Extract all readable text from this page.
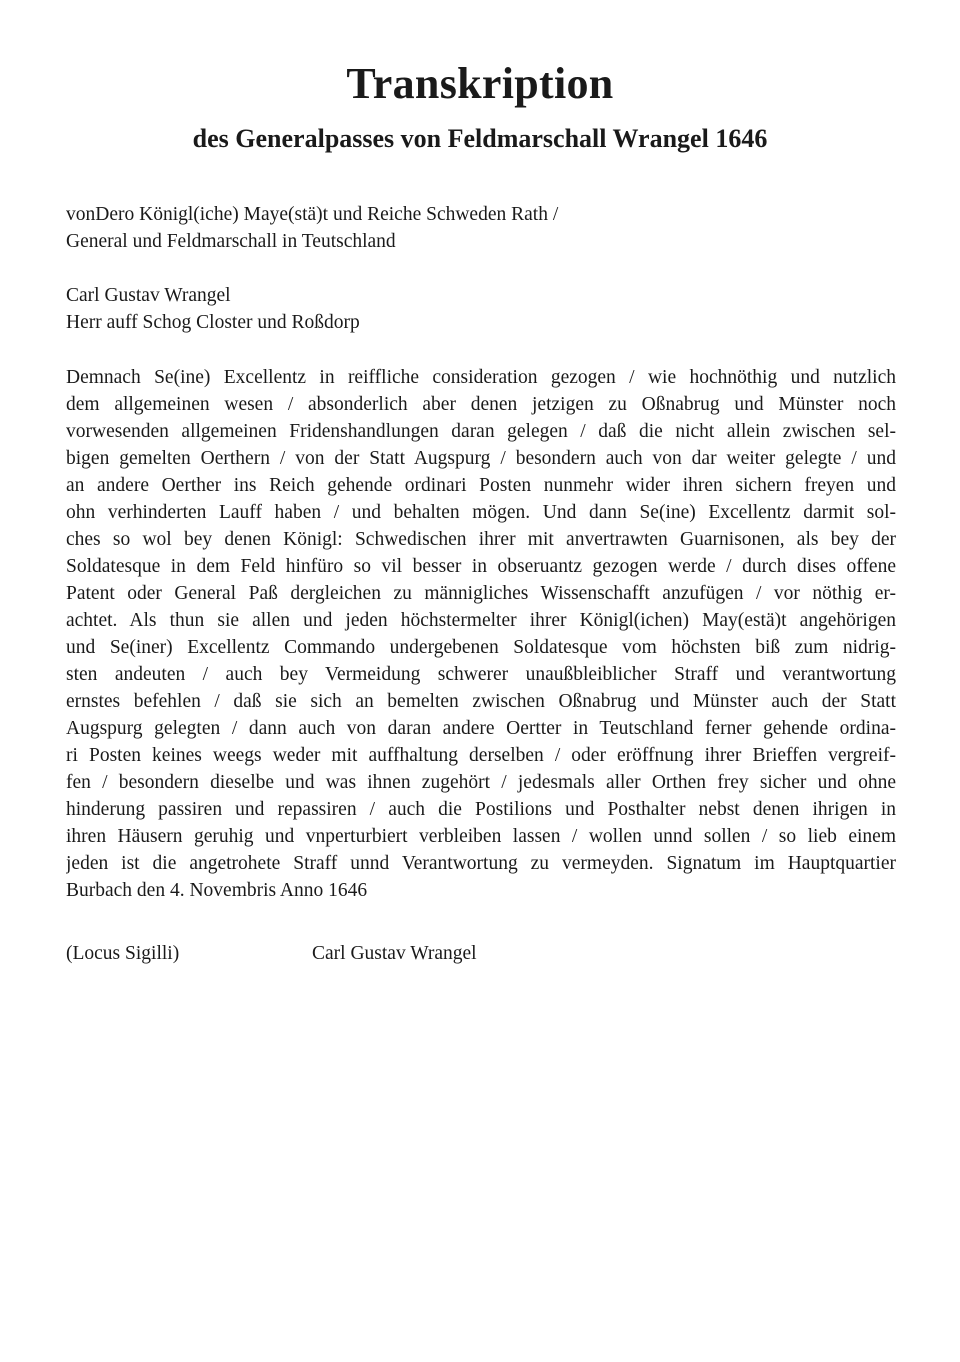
Transkription
des Generalpasses von Feldmarschall Wrangel 1646
vonDero Königl(iche) Maye(stä)t und Reiche Schweden Rath /
General und Feldmarschall in Teutschland
Carl Gustav Wrangel
Herr auff Schog Closter und Roßdorp
Demnach Se(ine) Excellentz in reiffliche consideration gezogen / wie hochnöthig und nutzlich
dem allgemeinen wesen / absonderlich aber denen jetzigen zu Oßnabrug und Münster noch
vorwesenden allgemeinen Fridenshandlungen daran gelegen / daß die nicht allein zwischen sel-
bigen gemelten Oerthern / von der Statt Augspurg / besondern auch von dar weiter gelegte / und
an andere Oerther ins Reich gehende ordinari Posten nunmehr wider ihren sichern freyen und
ohn verhinderten Lauff haben / und behalten mögen. Und dann Se(ine) Excellentz darmit sol-
ches so wol bey denen Königl: Schwedischen ihrer mit anvertrawten Guarnisonen, als bey der
Soldatesque in dem Feld hinfüro so vil besser in obseruantz gezogen werde / durch dises offene
Patent oder General Paß dergleichen zu männigliches Wissenschafft anzufügen / vor nöthig er-
achtet. Als thun sie allen und jeden höchstermelter ihrer Königl(ichen) May(estä)t angehörigen
und Se(iner) Excellentz Commando undergebenen Soldatesque vom höchsten biß zum nidrig-
sten andeuten / auch bey Vermeidung schwerer unaußbleiblicher Straff und verantwortung
ernstes befehlen / daß sie sich an bemelten zwischen Oßnabrug und Münster auch der Statt
Augspurg gelegten / dann auch von daran andere Oertter in Teutschland ferner gehende ordina-
ri Posten keines weegs weder mit auffhaltung derselben / oder eröffnung ihrer Brieffen vergreif-
fen / besondern dieselbe und was ihnen zugehört / jedesmals aller Orthen frey sicher und ohne
hinderung passiren und repassiren / auch die Postilions und Posthalter nebst denen ihrigen in
ihren Häusern geruhig und vnperturbiert verbleiben lassen / wollen unnd sollen / so lieb einem
jeden ist die angetrohete Straff unnd Verantwortung zu vermeyden. Signatum im Hauptquartier
Burbach den 4. Novembris Anno 1646
(Locus Sigilli)	Carl Gustav Wrangel
